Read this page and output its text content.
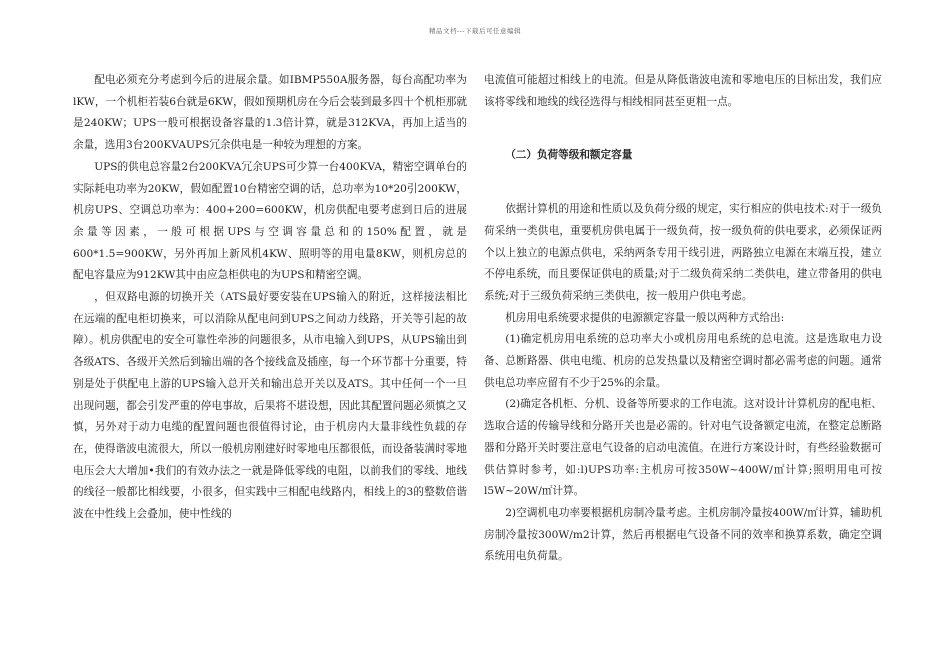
精品文档---下载后可任意编辑

配电必须充分考虑到今后的进展余量。如IBMP550A服务器，每台高配功率为lKW，一个机柜若装6台就是6KW，假如预期机房在今后会装到最多四十个机柜那就是240KW；UPS一般可根据设备容量的1.3倍计算，就是312KVA，再加上适当的余量，选用3台200KVAUPS冗余供电是一种较为理想的方案。

UPS的供电总容量2台200KVA冗余UPS可少算一台400KVA，精密空调单台的实际耗电功率为20KW，假如配置10台精密空调的话，总功率为10*20引200KW，机房UPS、空调总功率为：400+200=600KW，机房供配电要考虑到日后的进展余量等因素，一般可根据UPS与空调容量总和的150%配置，就是600*1.5=900KW，另外再加上新风机4KW、照明等的用电量8KW，则机房总的配电容量应为912KW其中由应急柜供电的为UPS和精密空调。

，但双路电源的切换开关（ATS最好要安装在UPS输入的附近，这样接法相比在远端的配电柜切换来，可以消除从配电问到UPS之间动力线路，开关等引起的故障）。机房供配电的安全可靠性牵涉的问题很多，从市电输入到UPS，从UPS输出到各级ATS、各级开关然后到输出端的各个接线盒及插座，每一个环节都十分重要，特别是处于供配电上游的UPS输入总开关和输出总开关以及ATS。其中任何一个一旦出现问题，都会引发严重的停电事故，后果将不堪设想，因此其配置问题必须慎之又慎，另外对于动力电缆的配置问题也很值得讨论，由于机房内大量非线性负载的存在，使得谐波电流很大，所以一般机房刚建好时零地电压都很低，而设备装满时零地电压会大大增加•我们的有效办法之一就是降低零线的电阻，以前我们的零线、地线的线径一般都比相线要，小很多，但实践中三相配电线路内，相线上的3的整数倍谐波在中性线上会叠加，使中性线的

电流值可能超过相线上的电流。但是从降低谐波电流和零地电压的目标出发，我们应该将零线和地线的线径选得与相线相同甚至更粗一点。

（二）负荷等级和额定容量

依据计算机的用途和性质以及负荷分级的规定，实行相应的供电技术:对于一级负荷采纳一类供电，重要机房供电属于一级负荷，按一级负荷的供电要求，必须保证两个以上独立的电源点供电，采纳两条专用干线引进，两路独立电源在末端互投，建立不停电系统，而且要保证供电的质量;对于二级负荷采纳二类供电，建立带备用的供电系统;对于三级负荷采纳三类供电，按一般用户供电考虑。

机房用电系统要求提供的电源额定容量一般以两种方式给出:

(1)确定机房用电系统的总功率大小或机房用电系统的总电流。这是选取电力设备、总断路器、供电电缆、机房的总发热量以及精密空调时都必需考虑的问题。通常供电总功率应留有不少于25%的余量。

(2)确定各机柜、分机、设备等所要求的工作电流。这对设计计算机房的配电柜、选取合适的传输导线和分路开关也是必需的。针对电气设备额定电流，在整定总断路器和分路开关时要注意电气设备的启动电流值。在进行方案设计时，有些经验数据可供估算时参考，如:l)UPS功率:主机房可按350W~400W/㎡计算;照明用电可按l5W~20W/㎡计算。

2)空调机电功率要根据机房制冷量考虑。主机房制冷量按400W/㎡计算，辅助机房制冷量按300W/m2计算，然后再根据电气设备不同的效率和换算系数，确定空调系统用电负荷量。
